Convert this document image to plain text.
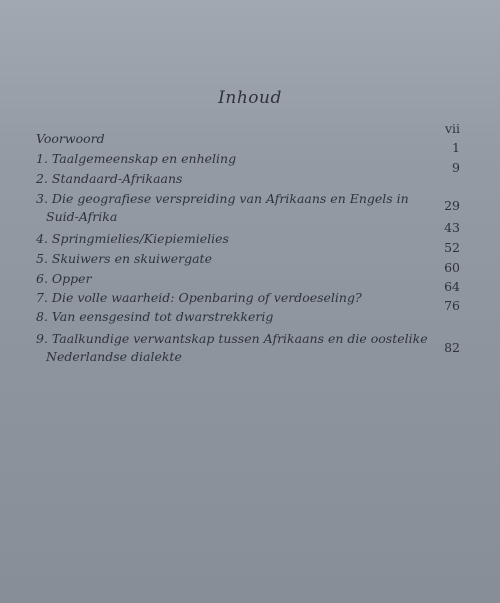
Inhoud
Voorwoord
vii
1. Taalgemeenskap en enheling
1
2. Standaard-Afrikaans
9
3. Die geografiese verspreiding van Afrikaans en Engels in
Suid-Afrika
29
4. Springmielies/Kiepiemielies
43
5. Skuiwers en skuiwergate
52
6. Opper
60
7. Die volle waarheid: Openbaring of verdoeseling?
64
8. Van eensgesind tot dwarstrekkerig
76
9. Taalkundige verwantskap tussen Afrikaans en die oostelike
Nederlandse dialekte
82
